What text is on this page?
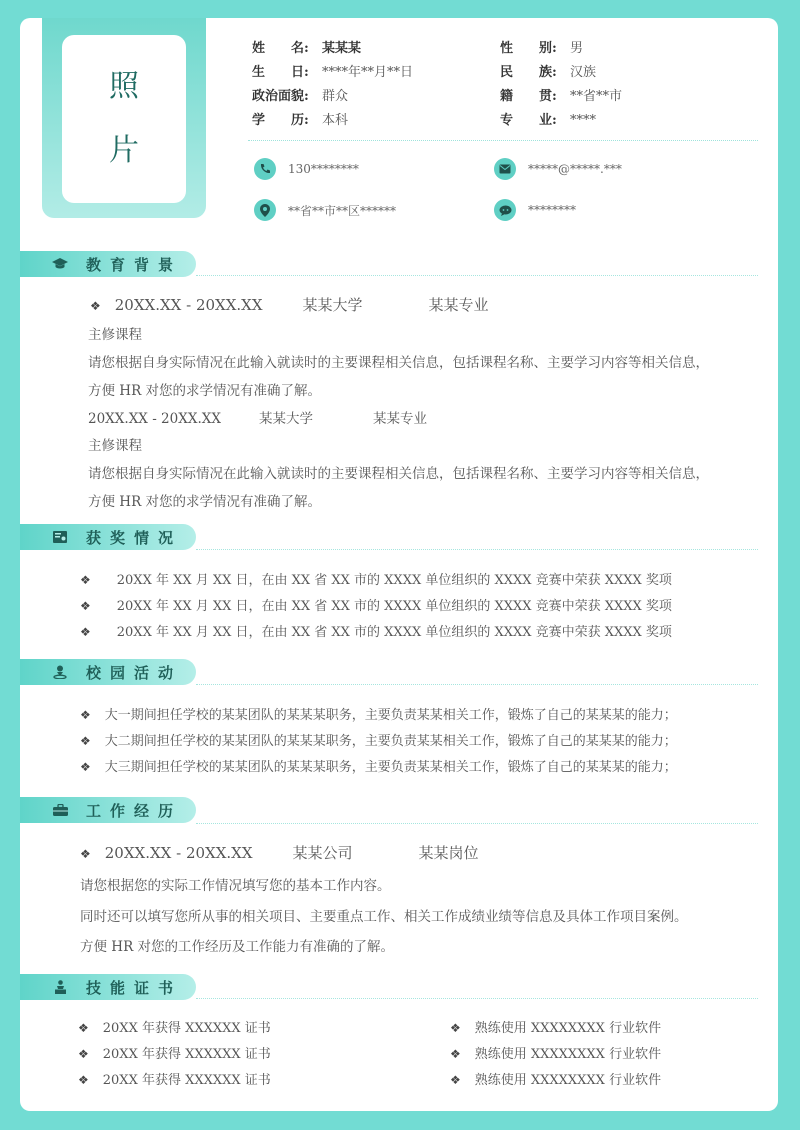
照
片
姓　　名: 某某某	性　　别: 男
生　　日: ****年**月**日	民　　族: 汉族
政治面貌: 群众	籍　　贯: **省**市
学　　历: 本科	专　　业: ****
130********	*****@*****.***
**省**市**区******	********
教育背景
❖ 20XX.XX - 20XX.XX	某某大学	某某专业
主修课程
请您根据自身实际情况在此输入就读时的主要课程相关信息，包括课程名称、主要学习内容等相关信息，
方便 HR 对您的求学情况有准确了解。
20XX.XX - 20XX.XX	某某大学	某某专业
主修课程
请您根据自身实际情况在此输入就读时的主要课程相关信息，包括课程名称、主要学习内容等相关信息，
方便 HR 对您的求学情况有准确了解。
获奖情况
❖ 20XX 年 XX 月 XX 日，在由 XX 省 XX 市的 XXXX 单位组织的 XXXX 竞赛中荣获 XXXX 奖项
❖ 20XX 年 XX 月 XX 日，在由 XX 省 XX 市的 XXXX 单位组织的 XXXX 竞赛中荣获 XXXX 奖项
❖ 20XX 年 XX 月 XX 日，在由 XX 省 XX 市的 XXXX 单位组织的 XXXX 竞赛中荣获 XXXX 奖项
校园活动
❖ 大一期间担任学校的某某团队的某某某职务，主要负责某某相关工作，锻炼了自己的某某某的能力；
❖ 大二期间担任学校的某某团队的某某某职务，主要负责某某相关工作，锻炼了自己的某某某的能力；
❖ 大三期间担任学校的某某团队的某某某职务，主要负责某某相关工作，锻炼了自己的某某某的能力；
工作经历
❖ 20XX.XX - 20XX.XX	某某公司	某某岗位
请您根据您的实际工作情况填写您的基本工作内容。
同时还可以填写您所从事的相关项目、主要重点工作、相关工作成绩业绩等信息及具体工作项目案例。
方便 HR 对您的工作经历及工作能力有准确的了解。
技能证书
❖ 20XX 年获得 XXXXXX 证书
❖ 20XX 年获得 XXXXXX 证书
❖ 20XX 年获得 XXXXXX 证书
❖ 熟练使用 XXXXXXXX 行业软件
❖ 熟练使用 XXXXXXXX 行业软件
❖ 熟练使用 XXXXXXXX 行业软件
